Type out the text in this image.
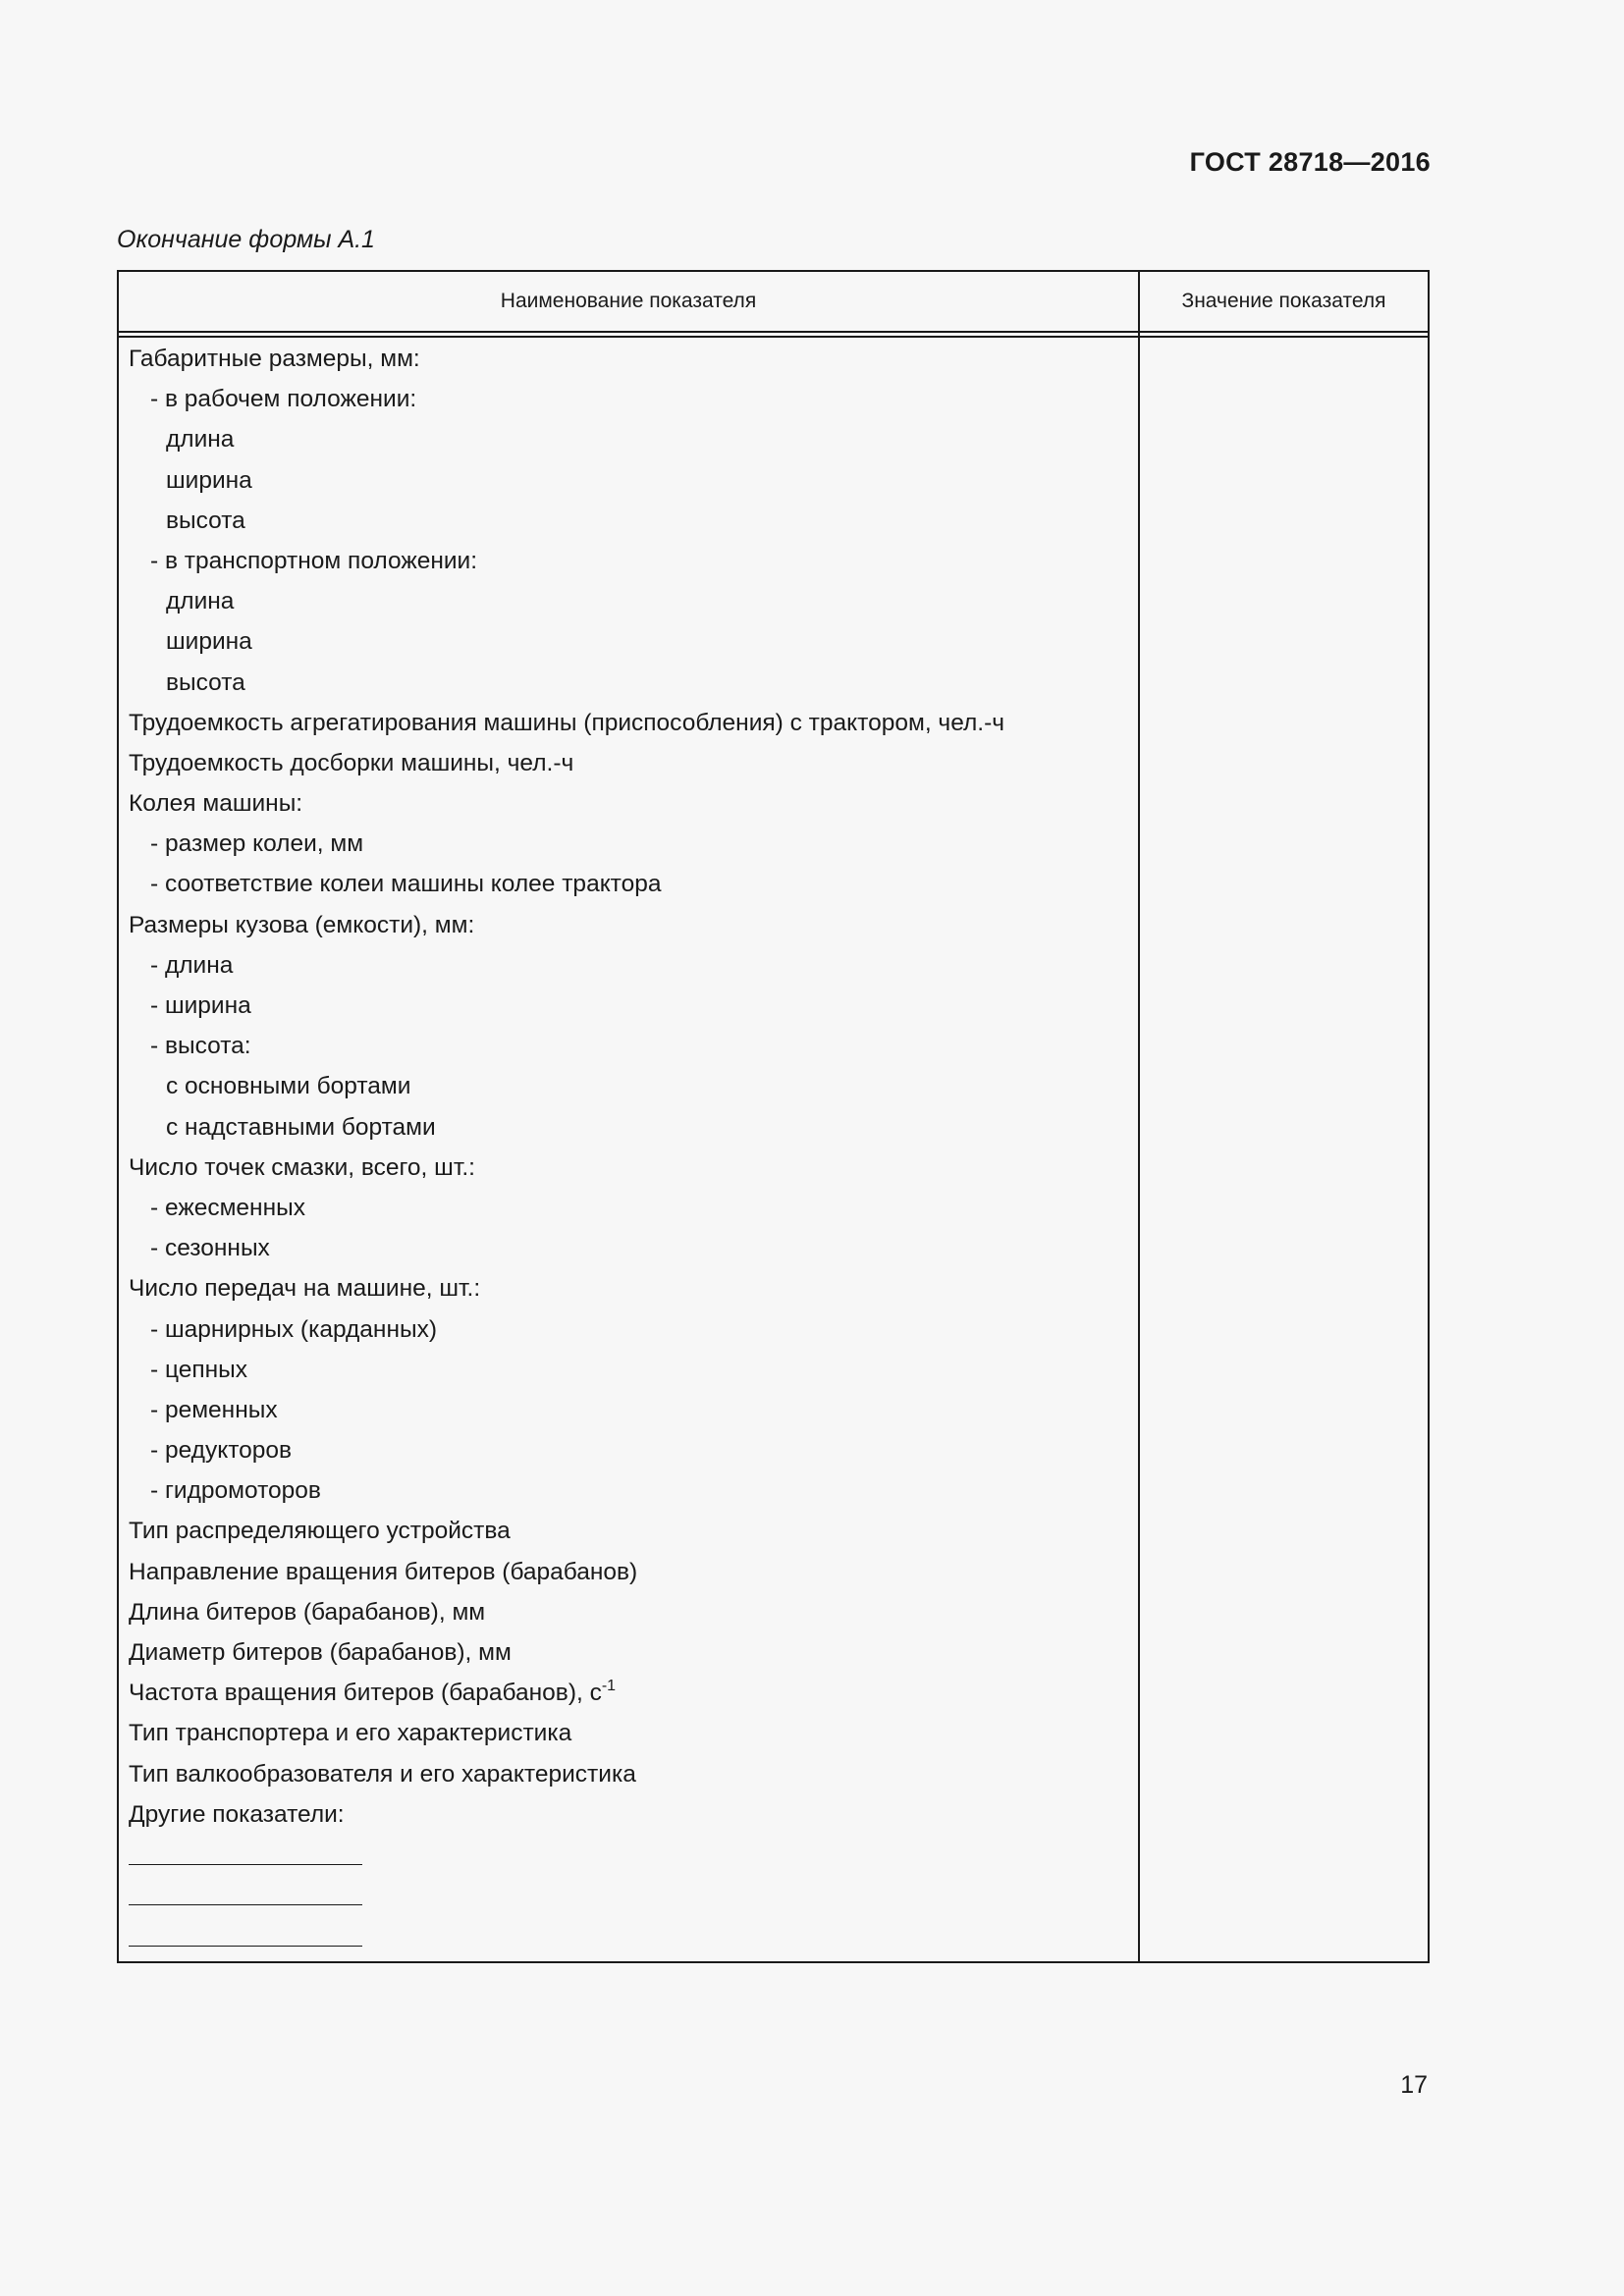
ГОСТ 28718—2016
Окончание формы А.1
Наименование показателя	Значение показателя
Габаритные размеры, мм:
- в рабочем положении:
длина
ширина
высота
- в транспортном положении:
длина
ширина
высота
Трудоемкость агрегатирования машины (приспособления) с трактором, чел.-ч
Трудоемкость досборки машины, чел.-ч
Колея машины:
- размер колеи, мм
- соответствие колеи машины колее трактора
Размеры кузова (емкости), мм:
- длина
- ширина
- высота:
с основными бортами
с надставными бортами
Число точек смазки, всего, шт.:
- ежесменных
- сезонных
Число передач на машине, шт.:
- шарнирных (карданных)
- цепных
- ременных
- редукторов
- гидромоторов
Тип распределяющего устройства
Направление вращения битеров (барабанов)
Длина битеров (барабанов), мм
Диаметр битеров (барабанов), мм
Частота вращения битеров (барабанов), $с^{-1}$
Тип транспортера и его характеристика
Тип валкообразователя и его характеристика
Другие показатели:
17
